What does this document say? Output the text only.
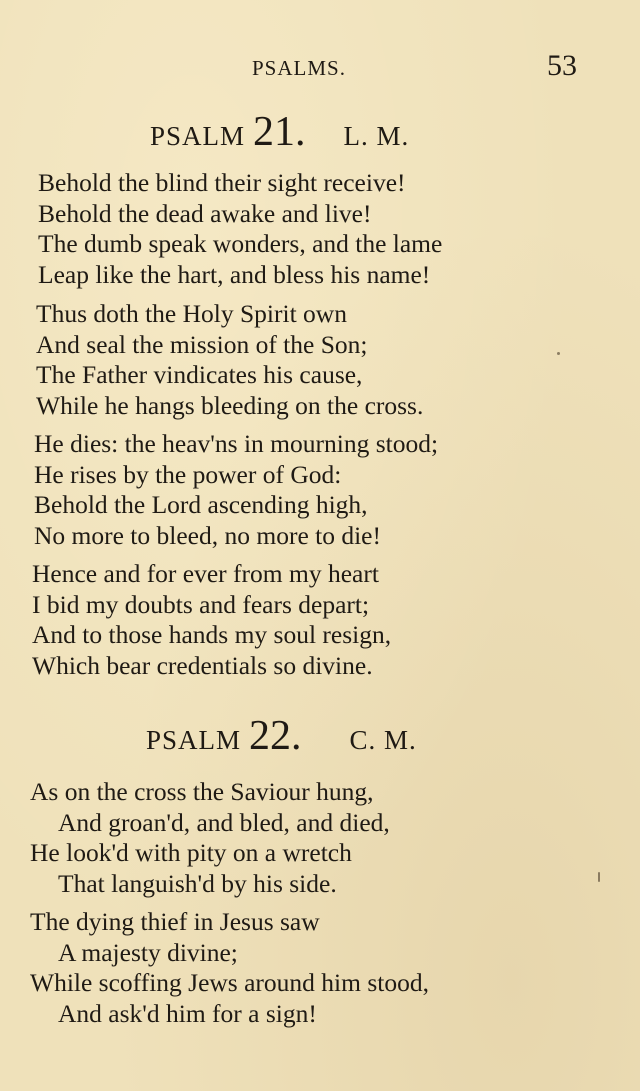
PSALMS.	53
PSALM 21. L. M.
Behold the blind their sight receive!
Behold the dead awake and live!
The dumb speak wonders, and the lame
Leap like the hart, and bless his name!
Thus doth the Holy Spirit own
And seal the mission of the Son;
The Father vindicates his cause,
While he hangs bleeding on the cross.
He dies: the heav'ns in mourning stood;
He rises by the power of God:
Behold the Lord ascending high,
No more to bleed, no more to die!
Hence and for ever from my heart
I bid my doubts and fears depart;
And to those hands my soul resign,
Which bear credentials so divine.
PSALM 22. C. M.
As on the cross the Saviour hung,
And groan'd, and bled, and died,
He look'd with pity on a wretch
That languish'd by his side.
The dying thief in Jesus saw
A majesty divine;
While scoffing Jews around him stood,
And ask'd him for a sign!
